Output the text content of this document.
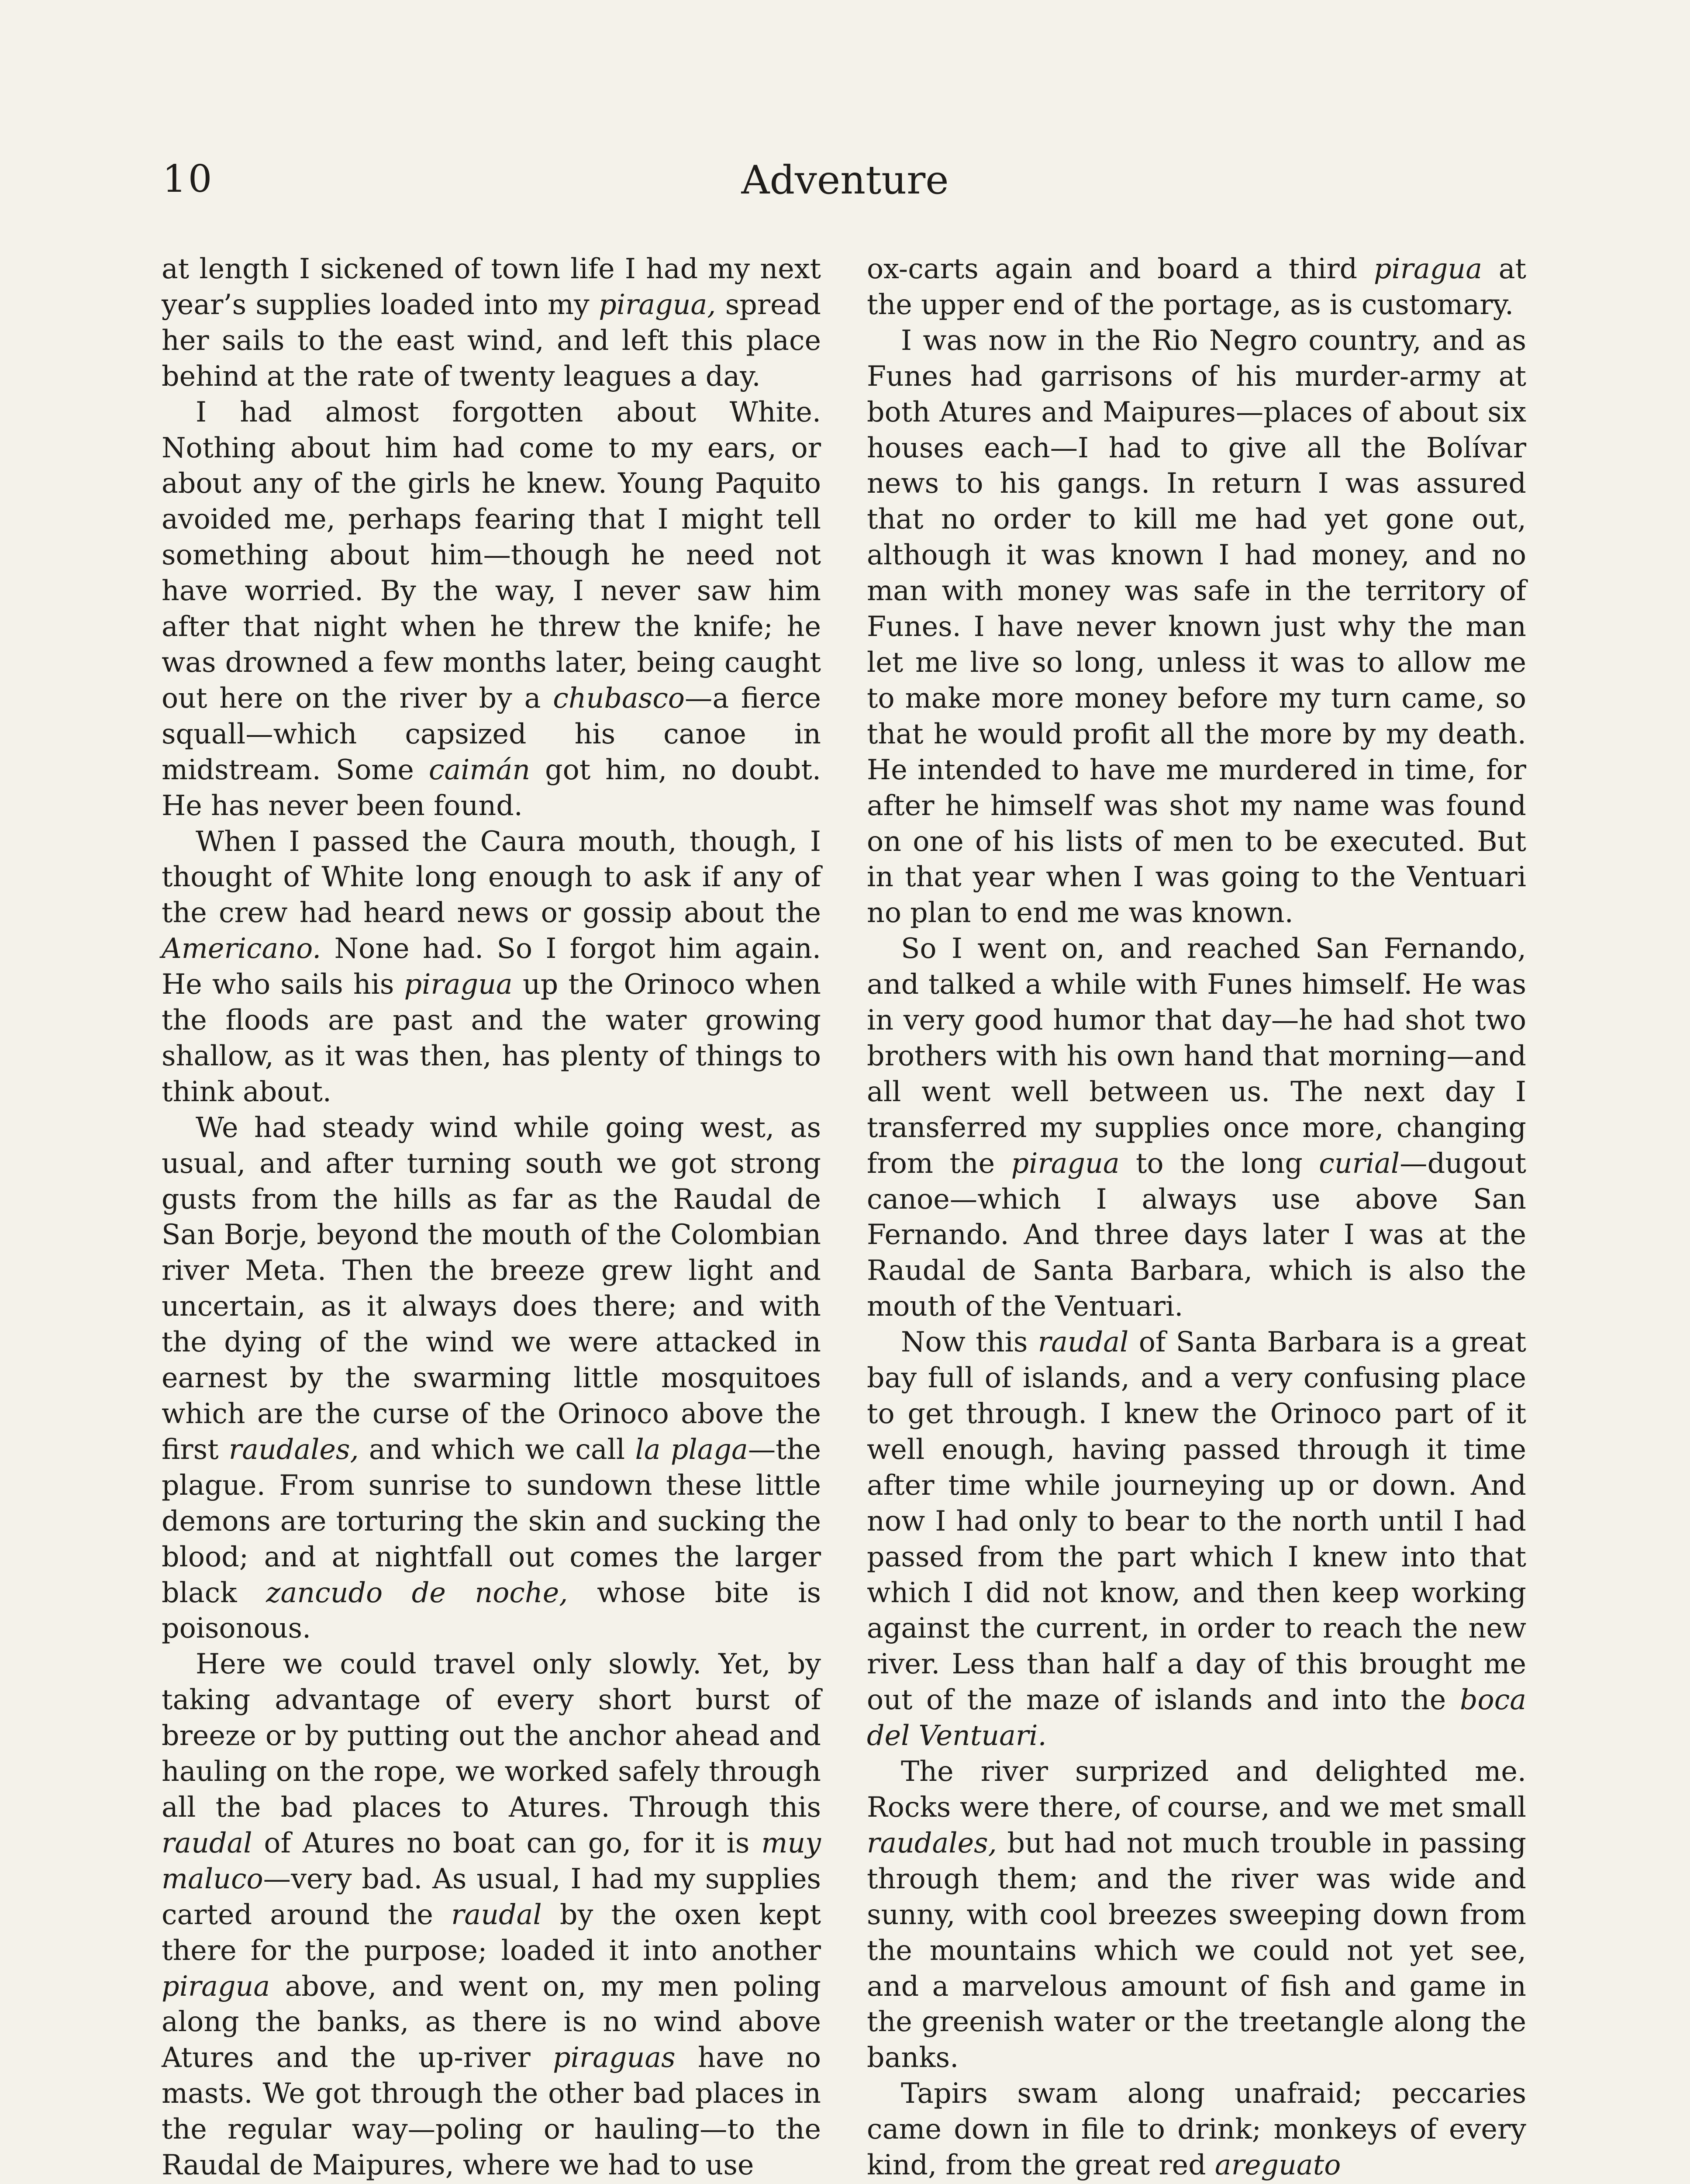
10	Adventure

at length I sickened of town life I had my next year’s supplies loaded into my piragua, spread her sails to the east wind, and left this place behind at the rate of twenty leagues a day.

I had almost forgotten about White. Nothing about him had come to my ears, or about any of the girls he knew. Young Paquito avoided me, perhaps fearing that I might tell something about him—though he need not have worried. By the way, I never saw him after that night when he threw the knife; he was drowned a few months later, being caught out here on the river by a chubasco—a fierce squall—which capsized his canoe in midstream. Some caimán got him, no doubt. He has never been found.

When I passed the Caura mouth, though, I thought of White long enough to ask if any of the crew had heard news or gossip about the Americano. None had. So I forgot him again. He who sails his piragua up the Orinoco when the floods are past and the water growing shallow, as it was then, has plenty of things to think about.

We had steady wind while going west, as usual, and after turning south we got strong gusts from the hills as far as the Raudal de San Borje, beyond the mouth of the Colombian river Meta. Then the breeze grew light and uncertain, as it always does there; and with the dying of the wind we were attacked in earnest by the swarming little mosquitoes which are the curse of the Orinoco above the first raudales, and which we call la plaga—the plague. From sunrise to sundown these little demons are torturing the skin and sucking the blood; and at nightfall out comes the larger black zancudo de noche, whose bite is poisonous.

Here we could travel only slowly. Yet, by taking advantage of every short burst of breeze or by putting out the anchor ahead and hauling on the rope, we worked safely through all the bad places to Atures. Through this raudal of Atures no boat can go, for it is muy maluco—very bad. As usual, I had my supplies carted around the raudal by the oxen kept there for the purpose; loaded it into another piragua above, and went on, my men poling along the banks, as there is no wind above Atures and the up-river piraguas have no masts. We got through the other bad places in the regular way—poling or hauling—to the Raudal de Maipures, where we had to use

ox-carts again and board a third piragua at the upper end of the portage, as is customary.

I was now in the Rio Negro country, and as Funes had garrisons of his murder-army at both Atures and Maipures—places of about six houses each—I had to give all the Bolívar news to his gangs. In return I was assured that no order to kill me had yet gone out, although it was known I had money, and no man with money was safe in the territory of Funes. I have never known just why the man let me live so long, unless it was to allow me to make more money before my turn came, so that he would profit all the more by my death. He intended to have me murdered in time, for after he himself was shot my name was found on one of his lists of men to be executed. But in that year when I was going to the Ventuari no plan to end me was known.

So I went on, and reached San Fernando, and talked a while with Funes himself. He was in very good humor that day—he had shot two brothers with his own hand that morning—and all went well between us. The next day I transferred my supplies once more, changing from the piragua to the long curial—dugout canoe—which I always use above San Fernando. And three days later I was at the Raudal de Santa Barbara, which is also the mouth of the Ventuari.

Now this raudal of Santa Barbara is a great bay full of islands, and a very confusing place to get through. I knew the Orinoco part of it well enough, having passed through it time after time while journeying up or down. And now I had only to bear to the north until I had passed from the part which I knew into that which I did not know, and then keep working against the current, in order to reach the new river. Less than half a day of this brought me out of the maze of islands and into the boca del Ventuari.

The river surprized and delighted me. Rocks were there, of course, and we met small raudales, but had not much trouble in passing through them; and the river was wide and sunny, with cool breezes sweeping down from the mountains which we could not yet see, and a marvelous amount of fish and game in the greenish water or the treetangle along the banks.

Tapirs swam along unafraid; peccaries came down in file to drink; monkeys of every kind, from the great red areguato
